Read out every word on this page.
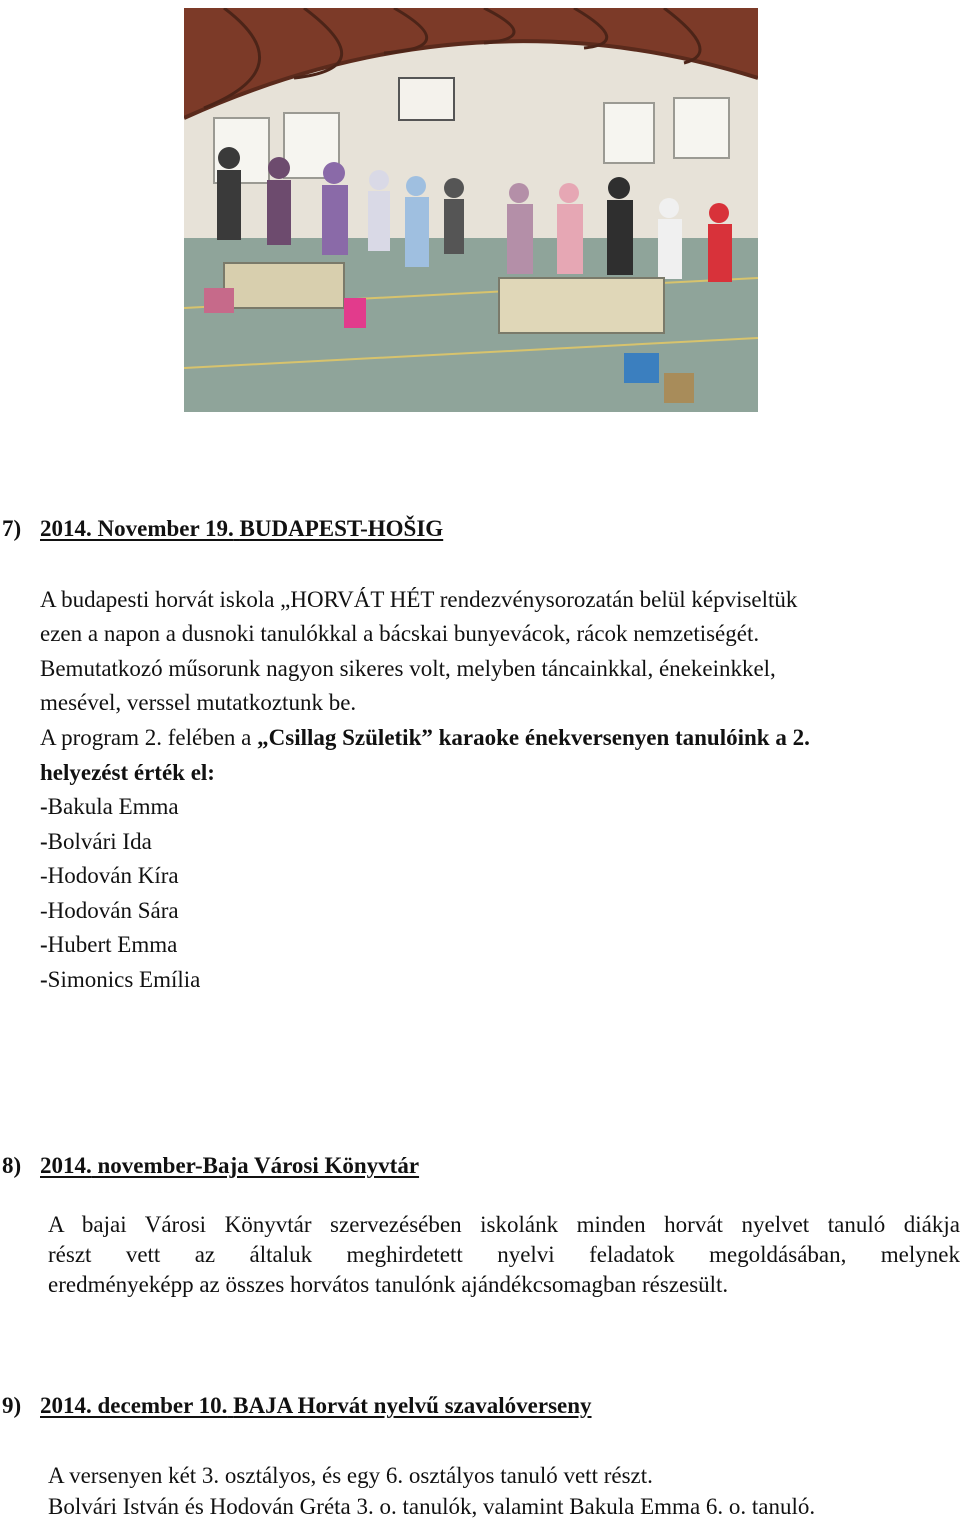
7) 2014. November 19. BUDAPEST-HOŠIG
A budapesti horvát iskola „HORVÁT HÉT rendezvénysorozatán belül képviseltük
ezen a napon a dusnoki tanulókkal a bácskai bunyevácok, rácok nemzetiségét.
Bemutatkozó műsorunk nagyon sikeres volt, melyben táncainkkal, énekeinkkel,
mesével, verssel mutatkoztunk be.
A program 2. felében a „Csillag Születik” karaoke énekversenyen tanulóink a 2.
helyezést érték el:
-Bakula Emma
-Bolvári Ida
-Hodován Kíra
-Hodován Sára
-Hubert Emma
-Simonics Emília
8) 2014. november-Baja Városi Könyvtár
A bajai Városi Könyvtár szervezésében iskolánk minden horvát nyelvet tanuló diákja
részt vett az általuk meghirdetett nyelvi feladatok megoldásában, melynek
eredményeképp az összes horvátos tanulónk ajándékcsomagban részesült.
9) 2014. december 10. BAJA Horvát nyelvű szavalóverseny
A versenyen két 3. osztályos, és egy 6. osztályos tanuló vett részt.
Bolvári István és Hodován Gréta 3. o. tanulók, valamint Bakula Emma 6. o. tanuló.
